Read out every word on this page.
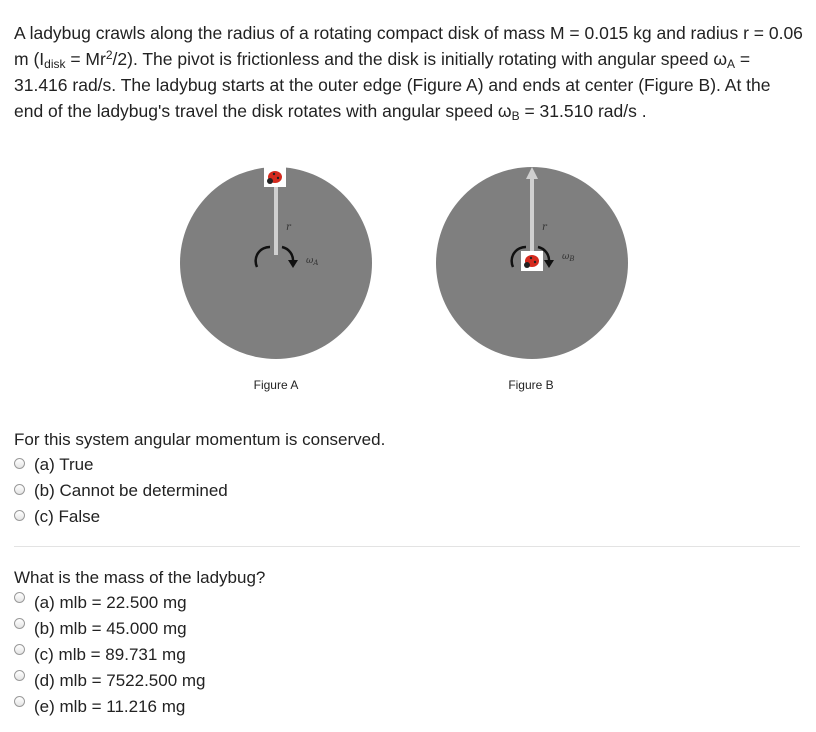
A ladybug crawls along the radius of a rotating compact disk of mass M = 0.015 kg and radius r = 0.06 m $(I_{disk} = Mr^2/2)$. The pivot is frictionless and the disk is initially rotating with angular speed $\omega_A = 31.416$ rad/s. The ladybug starts at the outer edge (Figure A) and ends at center (Figure B). At the end of the ladybug's travel the disk rotates with angular speed $\omega_B = 31.510$ rad/s .
r
$\omega_A$
Figure A
r
$\omega_B$
Figure B
For this system angular momentum is conserved.
(a) True
(b) Cannot be determined
(c) False
What is the mass of the ladybug?
(a) mlb = 22.500 mg
(b) mlb = 45.000 mg
(c) mlb = 89.731 mg
(d) mlb = 7522.500 mg
(e) mlb = 11.216 mg
